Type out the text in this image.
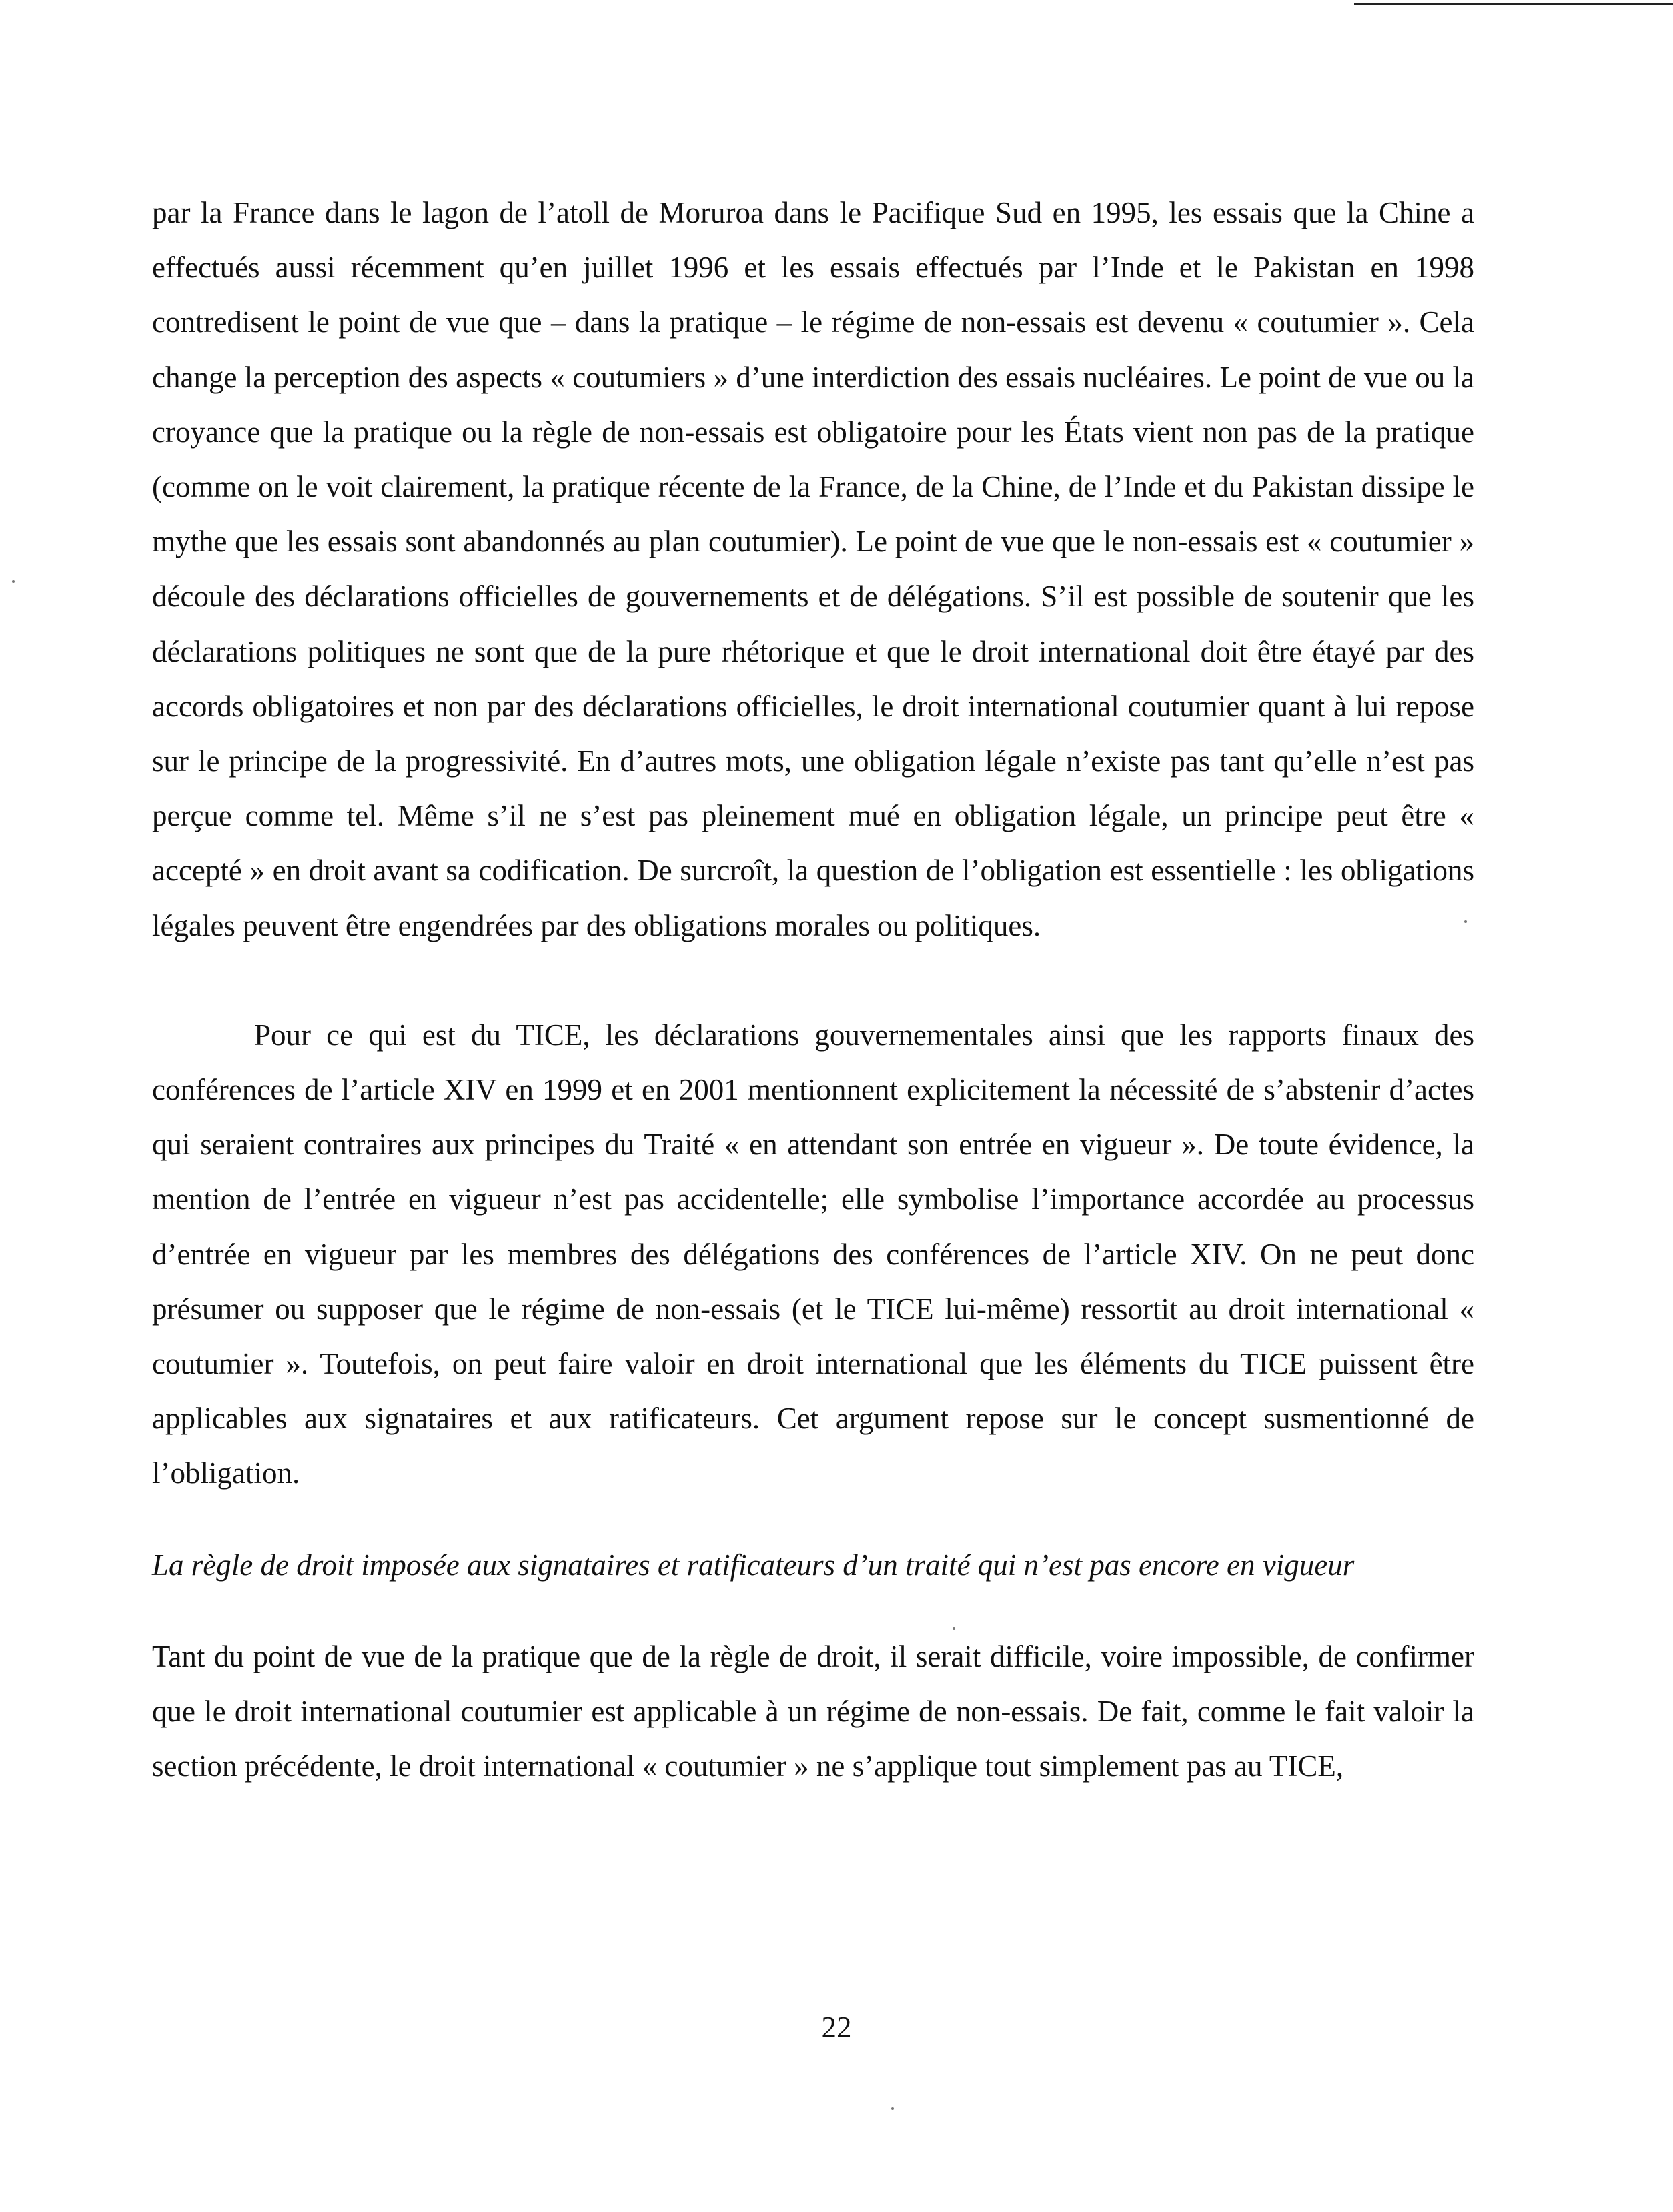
par la France dans le lagon de l’atoll de Moruroa dans le Pacifique Sud en 1995, les essais que la Chine a effectués aussi récemment qu’en juillet 1996 et les essais effectués par l’Inde et le Pakistan en 1998 contredisent le point de vue que – dans la pratique – le régime de non-essais est devenu « coutumier ». Cela change la perception des aspects « coutumiers » d’une interdiction des essais nucléaires. Le point de vue ou la croyance que la pratique ou la règle de non-essais est obligatoire pour les États vient non pas de la pratique (comme on le voit clairement, la pratique récente de la France, de la Chine, de l’Inde et du Pakistan dissipe le mythe que les essais sont abandonnés au plan coutumier). Le point de vue que le non-essais est « coutumier » découle des déclarations officielles de gouvernements et de délégations. S’il est possible de soutenir que les déclarations politiques ne sont que de la pure rhétorique et que le droit international doit être étayé par des accords obligatoires et non par des déclarations officielles, le droit international coutumier quant à lui repose sur le principe de la progressivité. En d’autres mots, une obligation légale n’existe pas tant qu’elle n’est pas perçue comme tel. Même s’il ne s’est pas pleinement mué en obligation légale, un principe peut être « accepté » en droit avant sa codification. De surcroît, la question de l’obligation est essentielle : les obligations légales peuvent être engendrées par des obligations morales ou politiques.

Pour ce qui est du TICE, les déclarations gouvernementales ainsi que les rapports finaux des conférences de l’article XIV en 1999 et en 2001 mentionnent explicitement la nécessité de s’abstenir d’actes qui seraient contraires aux principes du Traité « en attendant son entrée en vigueur ». De toute évidence, la mention de l’entrée en vigueur n’est pas accidentelle; elle symbolise l’importance accordée au processus d’entrée en vigueur par les membres des délégations des conférences de l’article XIV. On ne peut donc présumer ou supposer que le régime de non-essais (et le TICE lui-même) ressortit au droit international « coutumier ». Toutefois, on peut faire valoir en droit international que les éléments du TICE puissent être applicables aux signataires et aux ratificateurs. Cet argument repose sur le concept susmentionné de l’obligation.

La règle de droit imposée aux signataires et ratificateurs d’un traité qui n’est pas encore en vigueur

Tant du point de vue de la pratique que de la règle de droit, il serait difficile, voire impossible, de confirmer que le droit international coutumier est applicable à un régime de non-essais. De fait, comme le fait valoir la section précédente, le droit international « coutumier » ne s’applique tout simplement pas au TICE,

22
